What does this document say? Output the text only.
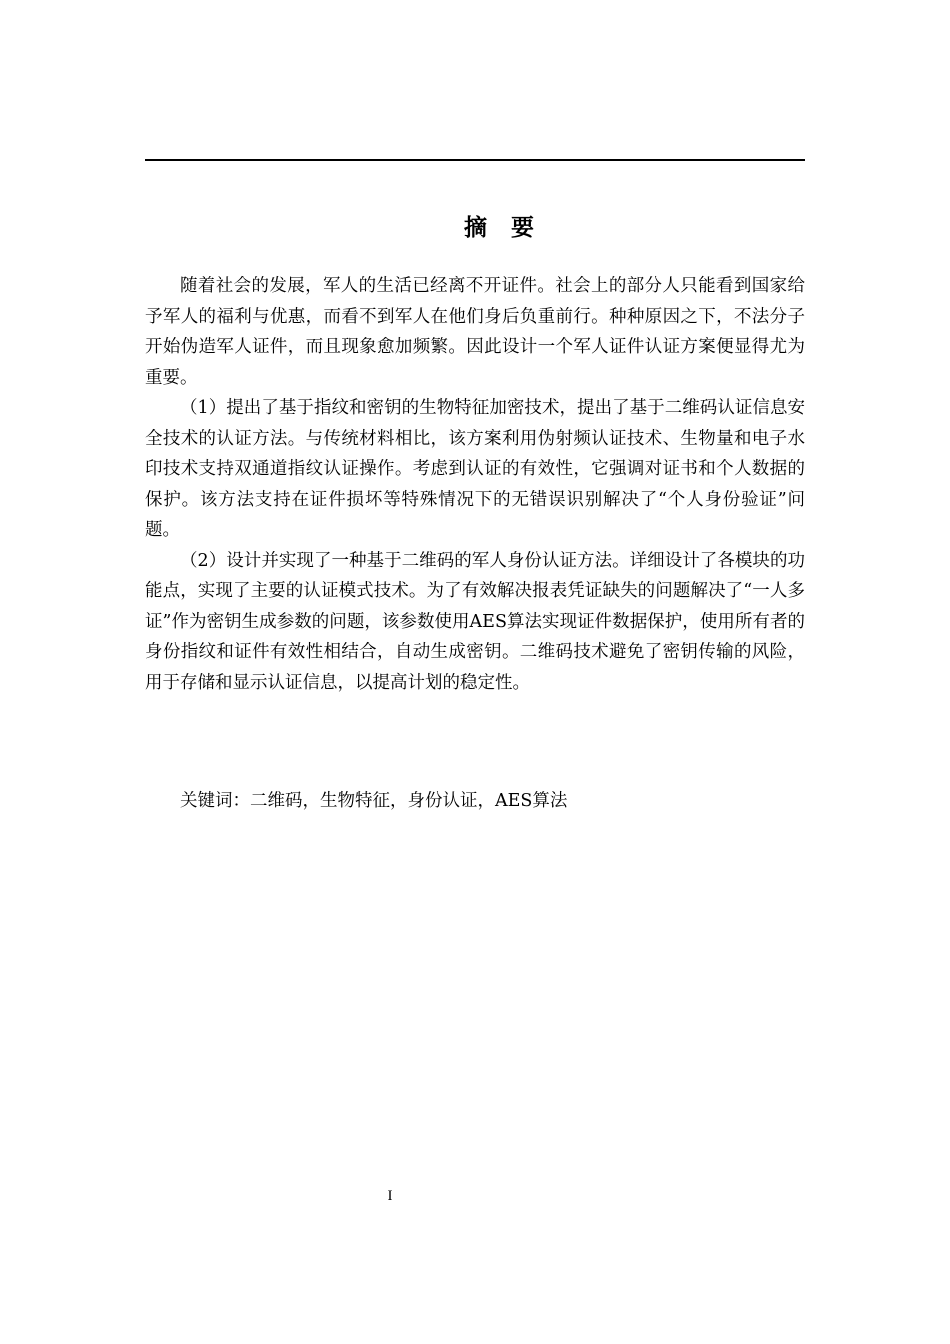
摘 要

随着社会的发展，军人的生活已经离不开证件。社会上的部分人只能看到国家给予军人的福利与优惠，而看不到军人在他们身后负重前行。种种原因之下，不法分子开始伪造军人证件，而且现象愈加频繁。因此设计一个军人证件认证方案便显得尤为重要。

（1）提出了基于指纹和密钥的生物特征加密技术，提出了基于二维码认证信息安全技术的认证方法。与传统材料相比，该方案利用伪射频认证技术、生物量和电子水印技术支持双通道指纹认证操作。考虑到认证的有效性，它强调对证书和个人数据的保护。该方法支持在证件损坏等特殊情况下的无错误识别解决了“个人身份验证”问题。

（2）设计并实现了一种基于二维码的军人身份认证方法。详细设计了各模块的功能点，实现了主要的认证模式技术。为了有效解决报表凭证缺失的问题解决了“一人多证”作为密钥生成参数的问题，该参数使用AES算法实现证件数据保护，使用所有者的身份指纹和证件有效性相结合，自动生成密钥。二维码技术避免了密钥传输的风险，用于存储和显示认证信息，以提高计划的稳定性。

关键词：二维码，生物特征，身份认证，AES算法
I
